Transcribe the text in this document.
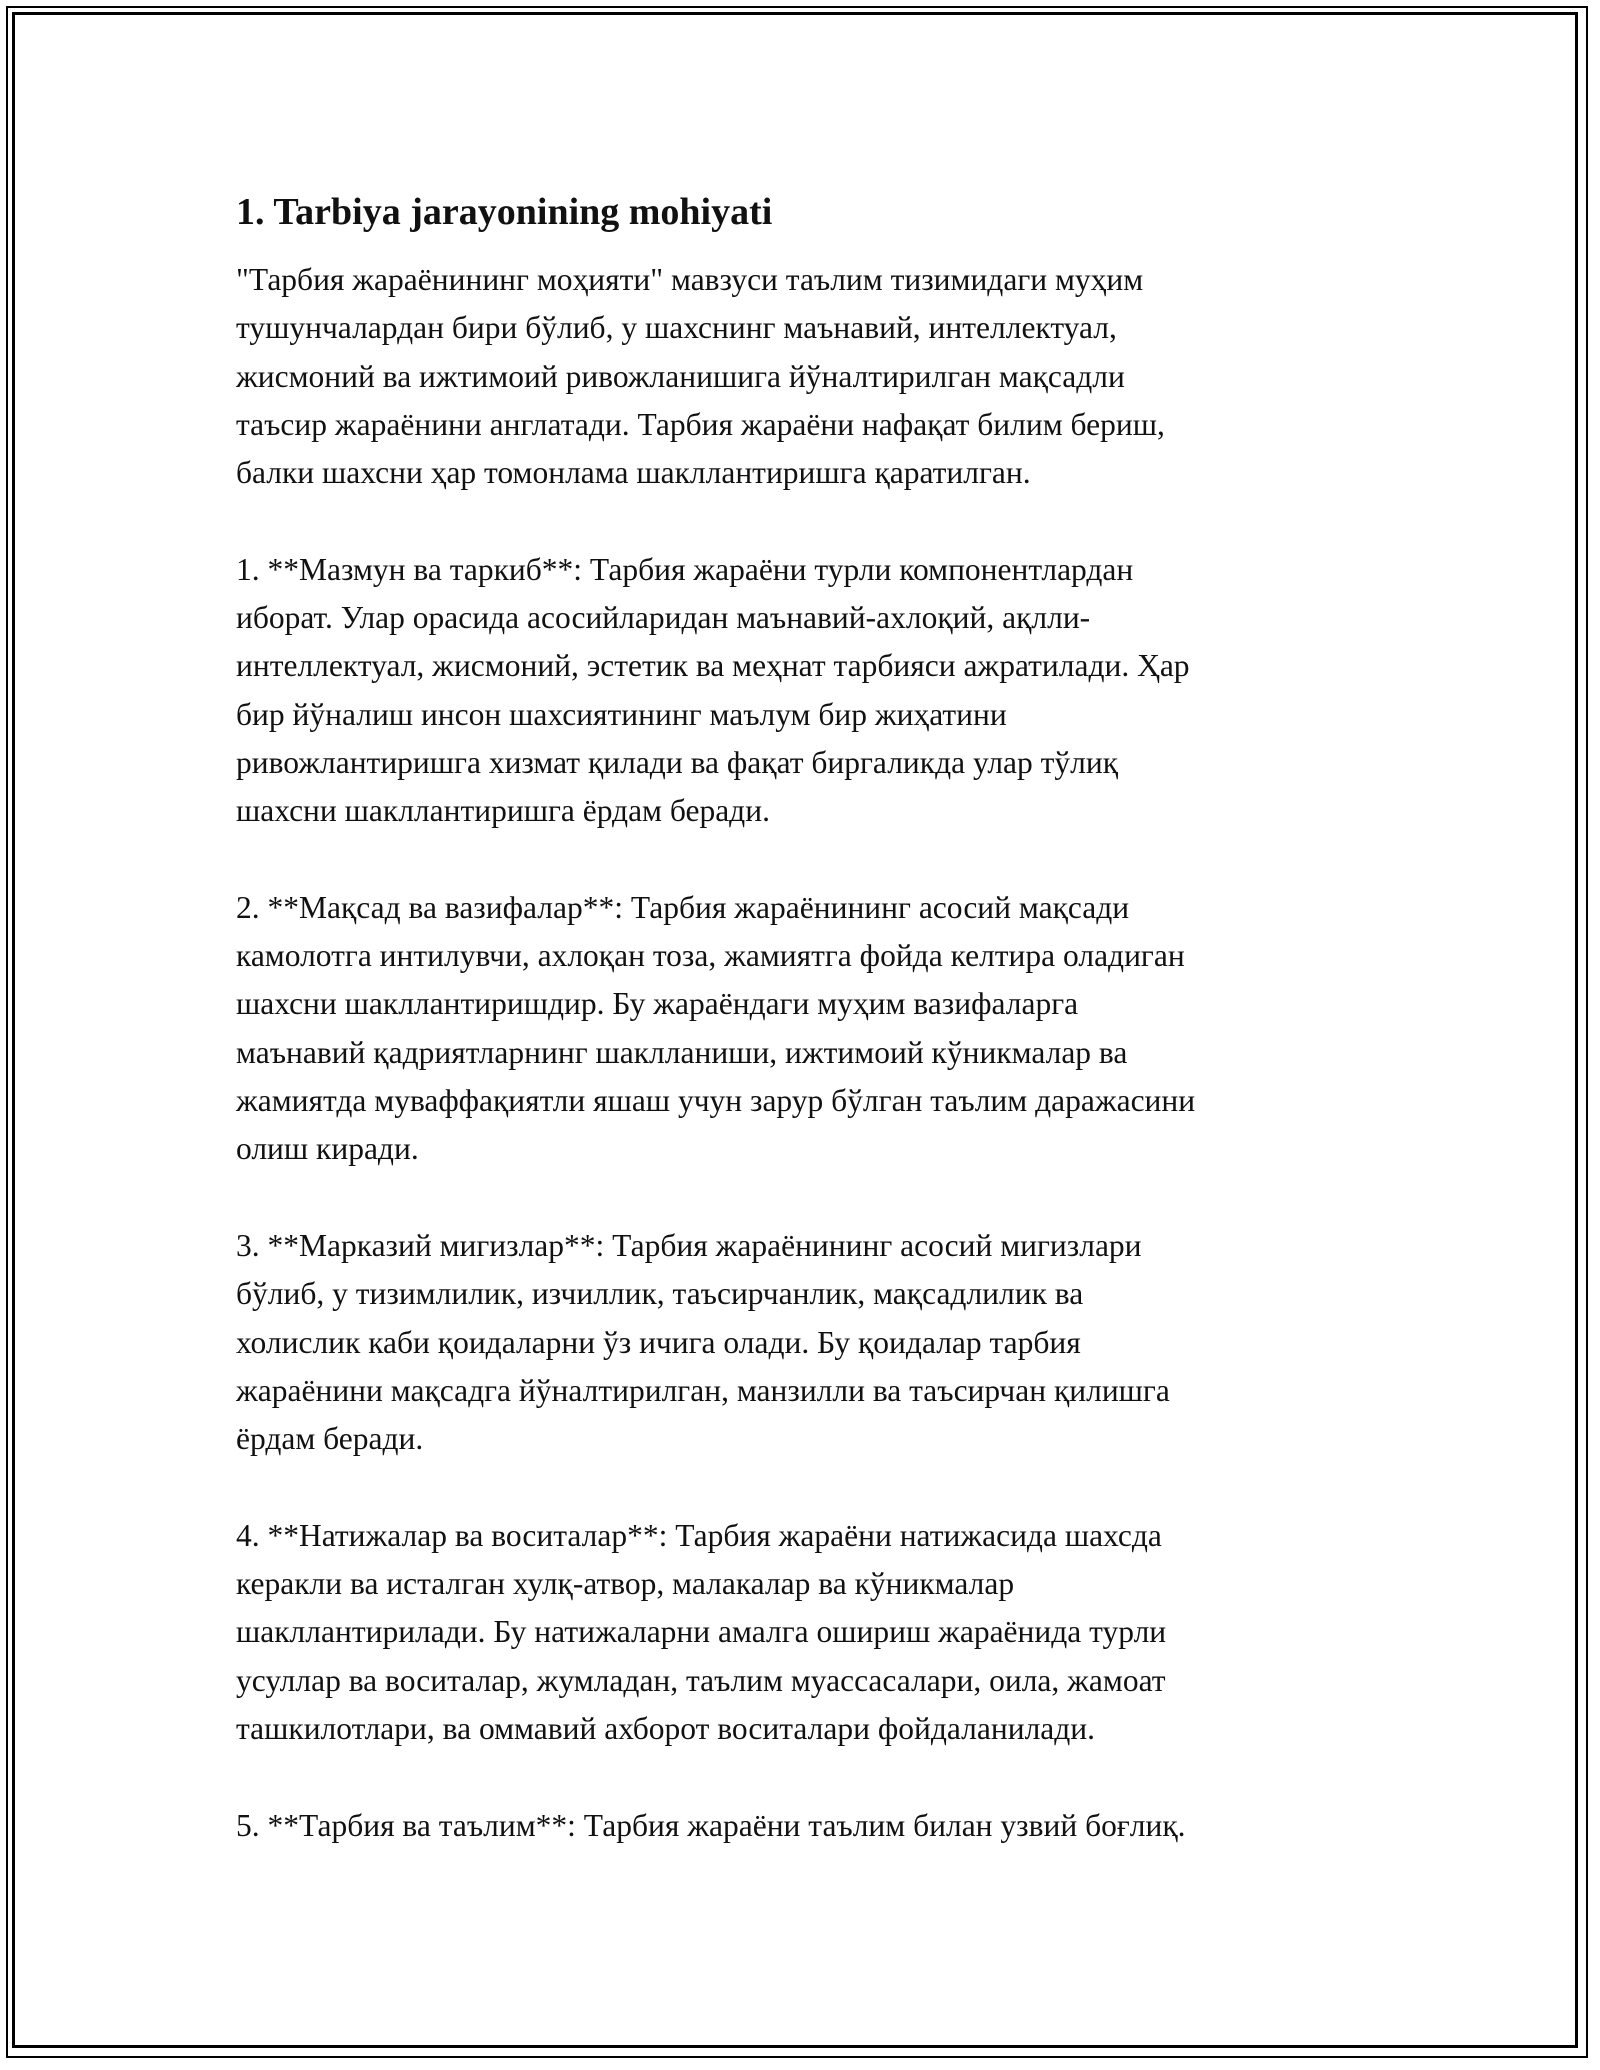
1. Tarbiya jarayonining mohiyati

"Тарбия жараёнининг моҳияти" мавзуси таълим тизимидаги муҳим

тушунчалардан бири бўлиб, у шахснинг маънавий, интеллектуал,

жисмоний ва ижтимоий ривожланишига йўналтирилган мақсадли

таъсир жараёнини англатади. Тарбия жараёни нафақат билим бериш,

балки шахсни ҳар томонлама шакллантиришга қаратилган.

1. **Мазмун ва таркиб**: Тарбия жараёни турли компонентлардан

иборат. Улар орасида асосийларидан маънавий-ахлоқий, ақлли-

интеллектуал, жисмоний, эстетик ва меҳнат тарбияси ажратилади. Ҳар

бир йўналиш инсон шахсиятининг маълум бир жиҳатини

ривожлантиришга хизмат қилади ва фақат биргаликда улар тўлиқ

шахсни шакллантиришга ёрдам беради.

2. **Мақсад ва вазифалар**: Тарбия жараёнининг асосий мақсади

камолотга интилувчи, ахлоқан тоза, жамиятга фойда келтира оладиган

шахсни шакллантиришдир. Бу жараёндаги муҳим вазифаларга

маънавий қадриятларнинг шаклланиши, ижтимоий кўникмалар ва

жамиятда муваффақиятли яшаш учун зарур бўлган таълим даражасини

олиш киради.

3. **Марказий мигизлар**: Тарбия жараёнининг асосий мигизлари

бўлиб, у тизимлилик, изчиллик, таъсирчанлик, мақсадлилик ва

холислик каби қоидаларни ўз ичига олади. Бу қоидалар тарбия

жараёнини мақсадга йўналтирилган, манзилли ва таъсирчан қилишга

ёрдам беради.

4. **Натижалар ва воситалар**: Тарбия жараёни натижасида шахсда

керакли ва исталган хулқ-атвор, малакалар ва кўникмалар

шакллантирилади. Бу натижаларни амалга ошириш жараёнида турли

усуллар ва воситалар, жумладан, таълим муассасалари, оила, жамоат

ташкилотлари, ва оммавий ахборот воситалари фойдаланилади.

5. **Тарбия ва таълим**: Тарбия жараёни таълим билан узвий боғлиқ.
